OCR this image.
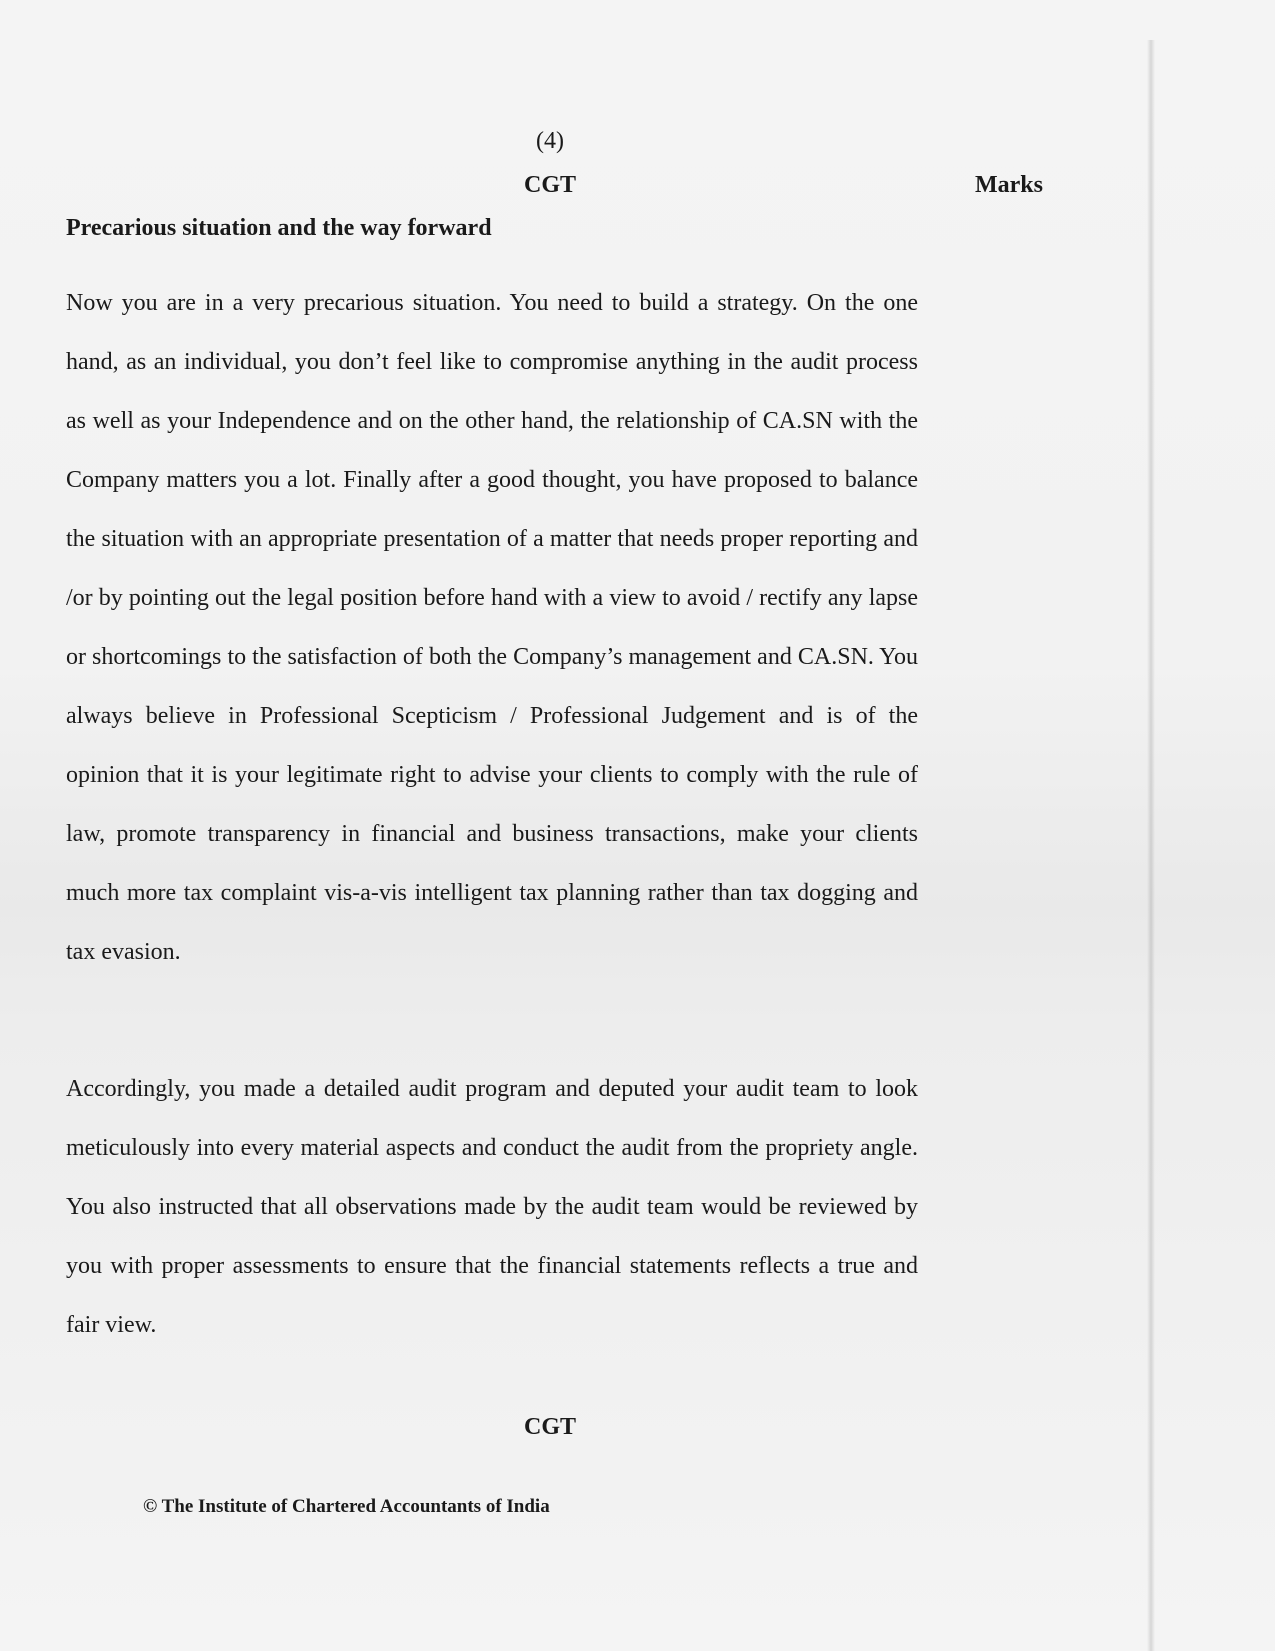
(4)
CGT	Marks
Precarious situation and the way forward

Now you are in a very precarious situation. You need to build a strategy. On the one hand, as an individual, you don’t feel like to compromise anything in the audit process as well as your Independence and on the other hand, the relationship of CA.SN with the Company matters you a lot. Finally after a good thought, you have proposed to balance the situation with an appropriate presentation of a matter that needs proper reporting and /or by pointing out the legal position before hand with a view to avoid / rectify any lapse or shortcomings to the satisfaction of both the Company’s management and CA.SN. You always believe in Professional Scepticism / Professional Judgement and is of the opinion that it is your legitimate right to advise your clients to comply with the rule of law, promote transparency in financial and business transactions, make your clients much more tax complaint vis-a-vis intelligent tax planning rather than tax dogging and tax evasion.

Accordingly, you made a detailed audit program and deputed your audit team to look meticulously into every material aspects and conduct the audit from the propriety angle. You also instructed that all observations made by the audit team would be reviewed by you with proper assessments to ensure that the financial statements reflects a true and fair view.

CGT
© The Institute of Chartered Accountants of India
